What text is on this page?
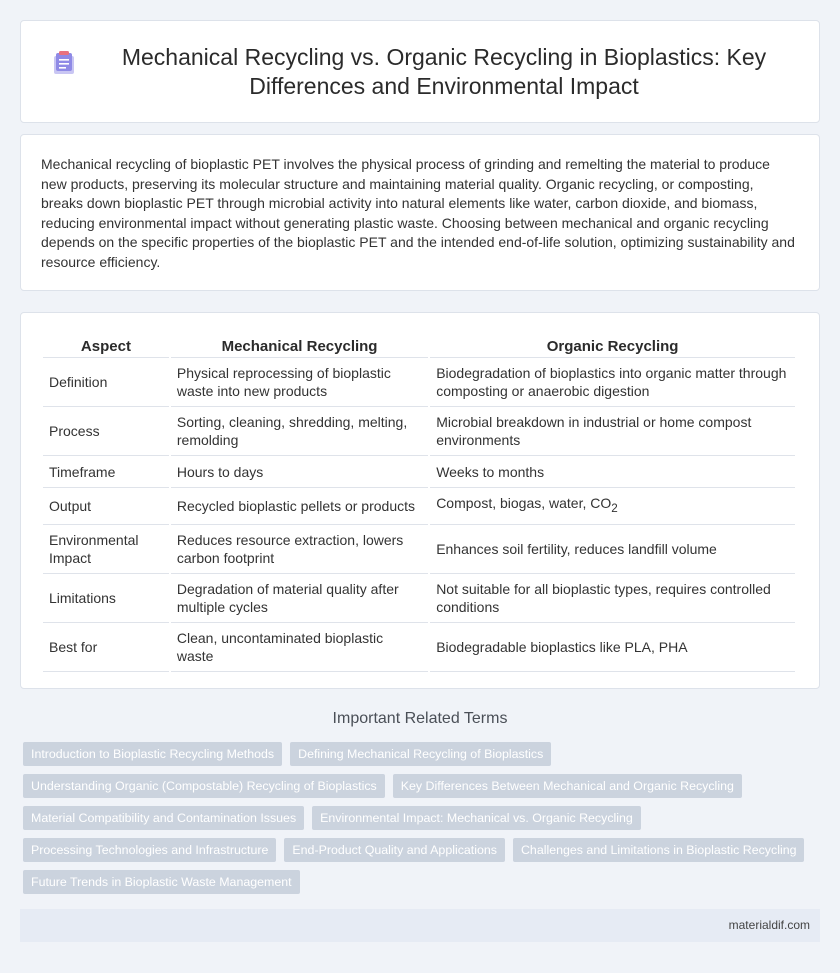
Mechanical Recycling vs. Organic Recycling in Bioplastics: Key Differences and Environmental Impact

Mechanical recycling of bioplastic PET involves the physical process of grinding and remelting the material to produce new products, preserving its molecular structure and maintaining material quality. Organic recycling, or composting, breaks down bioplastic PET through microbial activity into natural elements like water, carbon dioxide, and biomass, reducing environmental impact without generating plastic waste. Choosing between mechanical and organic recycling depends on the specific properties of the bioplastic PET and the intended end-of-life solution, optimizing sustainability and resource efficiency.

Aspect	Mechanical Recycling	Organic Recycling
Definition	Physical reprocessing of bioplastic waste into new products	Biodegradation of bioplastics into organic matter through composting or anaerobic digestion
Process	Sorting, cleaning, shredding, melting, remolding	Microbial breakdown in industrial or home compost environments
Timeframe	Hours to days	Weeks to months
Output	Recycled bioplastic pellets or products	Compost, biogas, water, $CO_2$
Environmental Impact	Reduces resource extraction, lowers carbon footprint	Enhances soil fertility, reduces landfill volume
Limitations	Degradation of material quality after multiple cycles	Not suitable for all bioplastic types, requires controlled conditions
Best for	Clean, uncontaminated bioplastic waste	Biodegradable bioplastics like PLA, PHA
Important Related Terms
Introduction to Bioplastic Recycling Methods	Defining Mechanical Recycling of Bioplastics
Understanding Organic (Compostable) Recycling of Bioplastics	Key Differences Between Mechanical and Organic Recycling
Material Compatibility and Contamination Issues	Environmental Impact: Mechanical vs. Organic Recycling
Processing Technologies and Infrastructure	End-Product Quality and Applications	Challenges and Limitations in Bioplastic Recycling
Future Trends in Bioplastic Waste Management
materialdif.com
